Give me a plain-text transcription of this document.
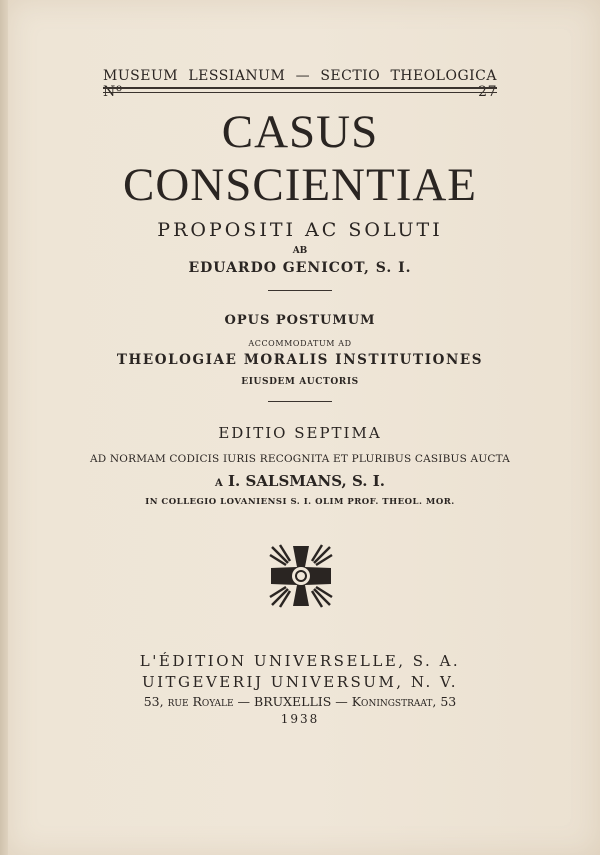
MUSEUM LESSIANUM — SECTIO THEOLOGICA Nº 27
CASUS
CONSCIENTIAE
PROPOSITI AC SOLUTI
AB
EDUARDO GENICOT, S. I.
OPUS POSTUMUM
ACCOMMODATUM AD
THEOLOGIAE MORALIS INSTITUTIONES
EIUSDEM AUCTORIS
EDITIO SEPTIMA
AD NORMAM CODICIS IURIS RECOGNITA ET PLURIBUS CASIBUS AUCTA
A I. SALSMANS, S. I.
IN COLLEGIO LOVANIENSI S. I. OLIM PROF. THEOL. MOR.
L'ÉDITION UNIVERSELLE, S. A.
UITGEVERIJ UNIVERSUM, N. V.
53, rue Royale — BRUXELLIS — Koningstraat, 53
1938
